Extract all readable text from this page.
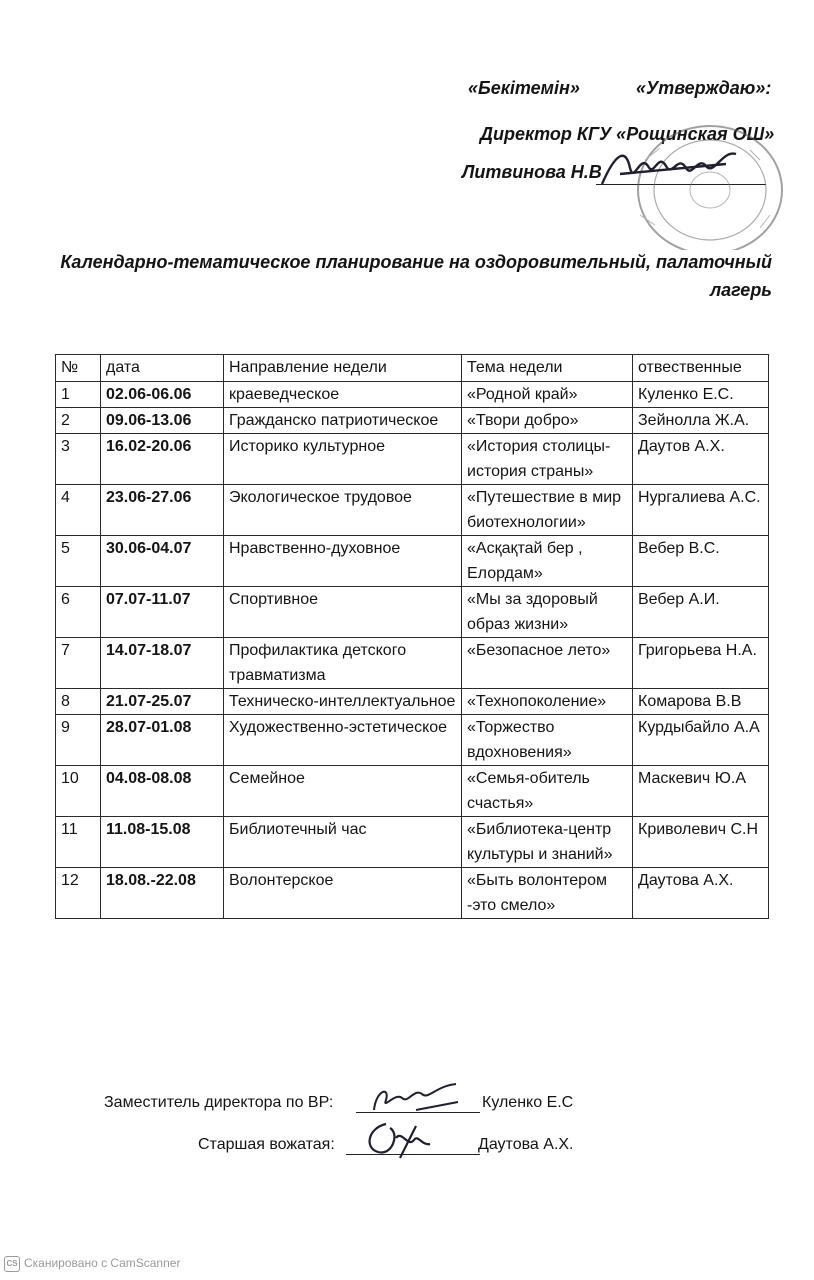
«Бекітемін»	«Утверждаю»:
Директор КГУ «Рощинская ОШ»
Литвинова Н.В
Календарно-тематическое планирование на оздоровительный, палаточный
лагерь
№	дата	Направление недели	Тема недели	отвественные
1	02.06-06.06	краеведческое	«Родной край»	Куленко Е.С.
2	09.06-13.06	Гражданско патриотическое	«Твори добро»	Зейнолла Ж.А.
3	16.02-20.06	Историко культурное	«История столицы- история страны»	Даутов А.Х.
4	23.06-27.06	Экологическое трудовое	«Путешествие в мир биотехнологии»	Нургалиева А.С.
5	30.06-04.07	Нравственно-духовное	«Асқақтай бер , Елордам»	Вебер В.С.
6	07.07-11.07	Спортивное	«Мы за здоровый образ жизни»	Вебер А.И.
7	14.07-18.07	Профилактика детского травматизма	«Безопасное лето»	Григорьева Н.А.
8	21.07-25.07	Техническо-интеллектуальное	«Технопоколение»	Комарова В.В
9	28.07-01.08	Художественно-эстетическое	«Торжество вдохновения»	Курдыбайло А.А
10	04.08-08.08	Семейное	«Семья-обитель счастья»	Маскевич Ю.А
11	11.08-15.08	Библиотечный час	«Библиотека-центр культуры и знаний»	Криволевич С.Н
12	18.08.-22.08	Волонтерское	«Быть волонтером -это смело»	Даутова А.Х.
Заместитель директора по ВР:	Куленко Е.С
Старшая вожатая:	Даутова А.Х.
CS Сканировано с CamScanner
